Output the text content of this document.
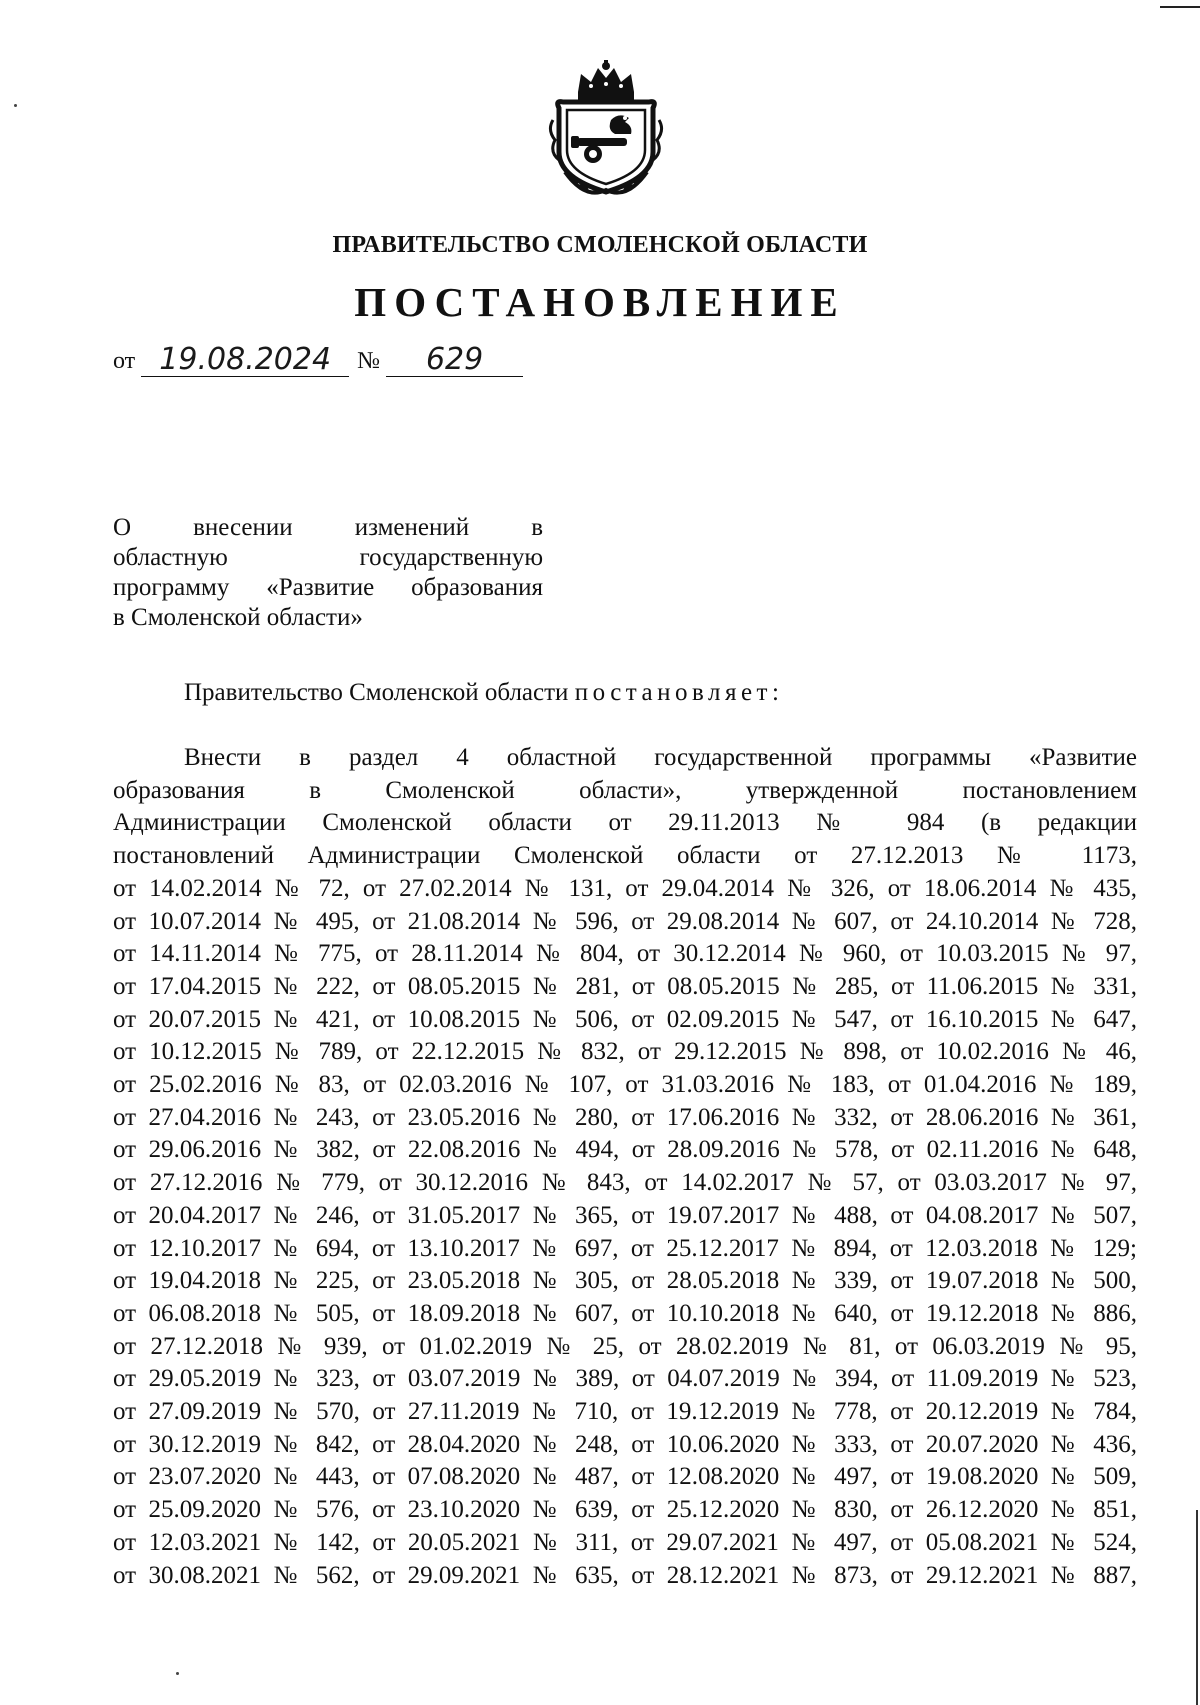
ПРАВИТЕЛЬСТВО СМОЛЕНСКОЙ ОБЛАСТИ
ПОСТАНОВЛЕНИЕ
от 19.08.2024	№	629
О внесении изменений в
областную государственную
программу «Развитие образования
в Смоленской области»
Правительство Смоленской области постановляет:
Внести в раздел 4 областной государственной программы «Развитие
образования в Смоленской области», утвержденной постановлением
Администрации Смоленской области от 29.11.2013 № 984 (в редакции
постановлений Администрации Смоленской области от 27.12.2013 № 1173,
от 14.02.2014 № 72, от 27.02.2014 № 131, от 29.04.2014 № 326, от 18.06.2014 № 435,
от 10.07.2014 № 495, от 21.08.2014 № 596, от 29.08.2014 № 607, от 24.10.2014 № 728,
от 14.11.2014 № 775, от 28.11.2014 № 804, от 30.12.2014 № 960, от 10.03.2015 № 97,
от 17.04.2015 № 222, от 08.05.2015 № 281, от 08.05.2015 № 285, от 11.06.2015 № 331,
от 20.07.2015 № 421, от 10.08.2015 № 506, от 02.09.2015 № 547, от 16.10.2015 № 647,
от 10.12.2015 № 789, от 22.12.2015 № 832, от 29.12.2015 № 898, от 10.02.2016 № 46,
от 25.02.2016 № 83, от 02.03.2016 № 107, от 31.03.2016 № 183, от 01.04.2016 № 189,
от 27.04.2016 № 243, от 23.05.2016 № 280, от 17.06.2016 № 332, от 28.06.2016 № 361,
от 29.06.2016 № 382, от 22.08.2016 № 494, от 28.09.2016 № 578, от 02.11.2016 № 648,
от 27.12.2016 № 779, от 30.12.2016 № 843, от 14.02.2017 № 57, от 03.03.2017 № 97,
от 20.04.2017 № 246, от 31.05.2017 № 365, от 19.07.2017 № 488, от 04.08.2017 № 507,
от 12.10.2017 № 694, от 13.10.2017 № 697, от 25.12.2017 № 894, от 12.03.2018 № 129;
от 19.04.2018 № 225, от 23.05.2018 № 305, от 28.05.2018 № 339, от 19.07.2018 № 500,
от 06.08.2018 № 505, от 18.09.2018 № 607, от 10.10.2018 № 640, от 19.12.2018 № 886,
от 27.12.2018 № 939, от 01.02.2019 № 25, от 28.02.2019 № 81, от 06.03.2019 № 95,
от 29.05.2019 № 323, от 03.07.2019 № 389, от 04.07.2019 № 394, от 11.09.2019 № 523,
от 27.09.2019 № 570, от 27.11.2019 № 710, от 19.12.2019 № 778, от 20.12.2019 № 784,
от 30.12.2019 № 842, от 28.04.2020 № 248, от 10.06.2020 № 333, от 20.07.2020 № 436,
от 23.07.2020 № 443, от 07.08.2020 № 487, от 12.08.2020 № 497, от 19.08.2020 № 509,
от 25.09.2020 № 576, от 23.10.2020 № 639, от 25.12.2020 № 830, от 26.12.2020 № 851,
от 12.03.2021 № 142, от 20.05.2021 № 311, от 29.07.2021 № 497, от 05.08.2021 № 524,
от 30.08.2021 № 562, от 29.09.2021 № 635, от 28.12.2021 № 873, от 29.12.2021 № 887,
